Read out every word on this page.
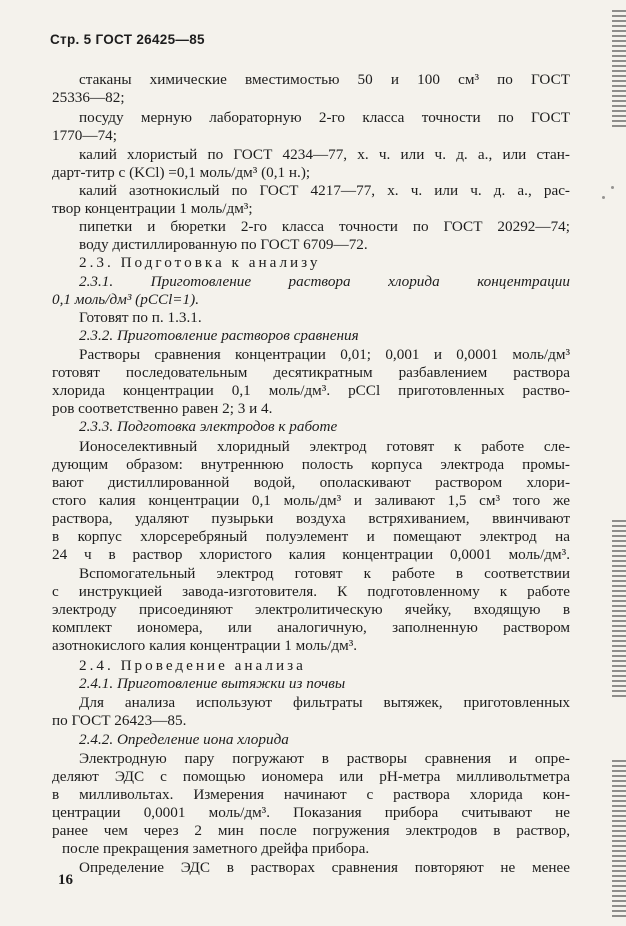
Стр. 5 ГОСТ 26425—85
стаканы химические вместимостью 50 и 100 см³ по ГОСТ
25336—82;
посуду мерную лабораторную 2-го класса точности по ГОСТ
1770—74;
калий хлористый по ГОСТ 4234—77, х. ч. или ч. д. а., или стан-
дарт-титр с (KCl) =0,1 моль/дм³ (0,1 н.);
калий азотнокислый по ГОСТ 4217—77, х. ч. или ч. д. а., рас-
твор концентрации 1 моль/дм³;
пипетки и бюретки 2-го класса точности по ГОСТ 20292—74;
воду дистиллированную по ГОСТ 6709—72.
2.3. Подготовка к анализу
2.3.1. Приготовление раствора хлорида концентрации
0,1 моль/дм³ (pCCl=1).
Готовят по п. 1.3.1.
2.3.2. Приготовление растворов сравнения
Растворы сравнения концентрации 0,01; 0,001 и 0,0001 моль/дм³
готовят последовательным десятикратным разбавлением раствора
хлорида концентрации 0,1 моль/дм³. pCCl приготовленных раство-
ров соответственно равен 2; 3 и 4.
2.3.3. Подготовка электродов к работе
Ионоселективный хлоридный электрод готовят к работе сле-
дующим образом: внутреннюю полость корпуса электрода промы-
вают дистиллированной водой, ополаскивают раствором хлори-
стого калия концентрации 0,1 моль/дм³ и заливают 1,5 см³ того же
раствора, удаляют пузырьки воздуха встряхиванием, ввинчивают
в корпус хлорсеребряный полуэлемент и помещают электрод на
24 ч в раствор хлористого калия концентрации 0,0001 моль/дм³.
Вспомогательный электрод готовят к работе в соответствии
с инструкцией завода-изготовителя. К подготовленному к работе
электроду присоединяют электролитическую ячейку, входящую в
комплект иономера, или аналогичную, заполненную раствором
азотнокислого калия концентрации 1 моль/дм³.
2.4. Проведение анализа
2.4.1. Приготовление вытяжки из почвы
Для анализа используют фильтраты вытяжек, приготовленных
по ГОСТ 26423—85.
2.4.2. Определение иона хлорида
Электродную пару погружают в растворы сравнения и опре-
деляют ЭДС с помощью иономера или pH-метра милливольтметра
в милливольтах. Измерения начинают с раствора хлорида кон-
центрации 0,0001 моль/дм³. Показания прибора считывают не
ранее чем через 2 мин после погружения электродов в раствор,
после прекращения заметного дрейфа прибора.
Определение ЭДС в растворах сравнения повторяют не менее
16
